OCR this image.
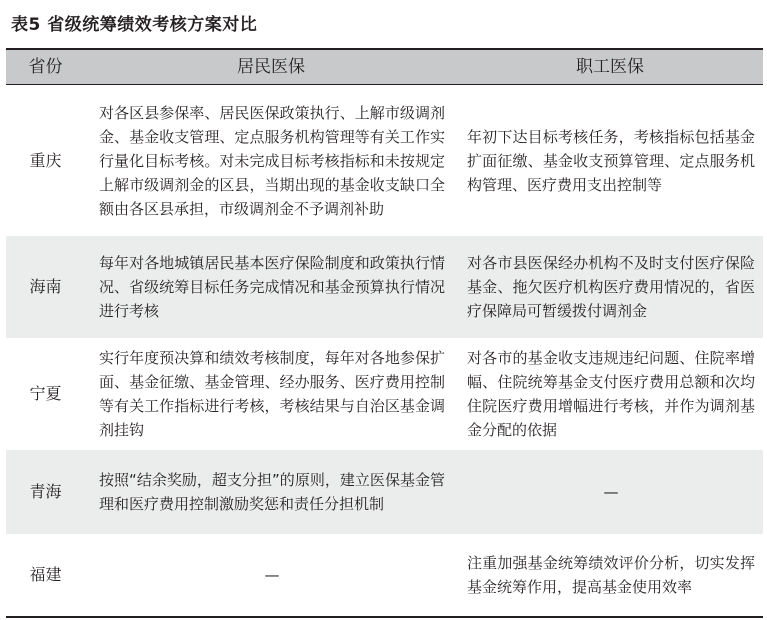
表5 省级统筹绩效考核方案对比
省份	居民医保	职工医保
重庆	对各区县参保率、居民医保政策执行、上解市级调剂金、基金收支管理、定点服务机构管理等有关工作实行量化目标考核。对未完成目标考核指标和未按规定上解市级调剂金的区县，当期出现的基金收支缺口全额由各区县承担，市级调剂金不予调剂补助	年初下达目标考核任务，考核指标包括基金扩面征缴、基金收支预算管理、定点服务机构管理、医疗费用支出控制等
海南	每年对各地城镇居民基本医疗保险制度和政策执行情况、省级统筹目标任务完成情况和基金预算执行情况进行考核	对各市县医保经办机构不及时支付医疗保险基金、拖欠医疗机构医疗费用情况的，省医疗保障局可暂缓拨付调剂金
宁夏	实行年度预决算和绩效考核制度，每年对各地参保扩面、基金征缴、基金管理、经办服务、医疗费用控制等有关工作指标进行考核，考核结果与自治区基金调剂挂钩	对各市的基金收支违规违纪问题、住院率增幅、住院统筹基金支付医疗费用总额和次均住院医疗费用增幅进行考核，并作为调剂基金分配的依据
青海	按照“结余奖励，超支分担”的原则，建立医保基金管理和医疗费用控制激励奖惩和责任分担机制	—
福建	—	注重加强基金统筹绩效评价分析，切实发挥基金统筹作用，提高基金使用效率
